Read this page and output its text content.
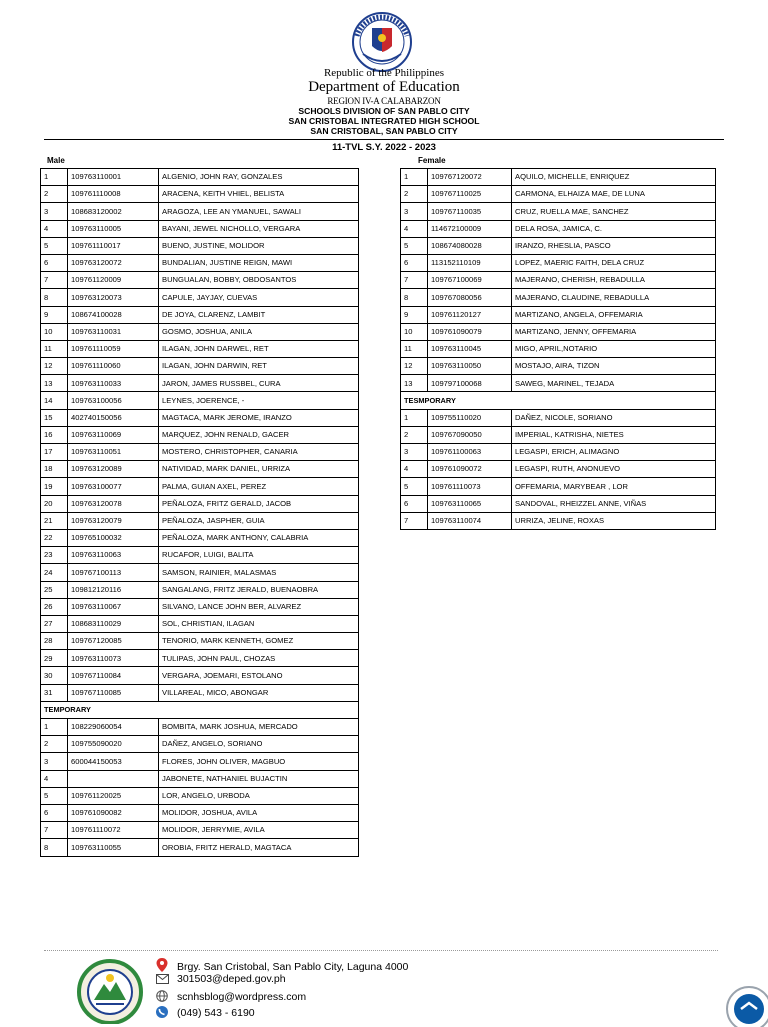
Republic of the Philippines
Department of Education
REGION IV-A CALABARZON
SCHOOLS DIVISION OF SAN PABLO CITY
SAN CRISTOBAL INTEGRATED HIGH SCHOOL
SAN CRISTOBAL, SAN PABLO CITY
11-TVL S.Y. 2022 - 2023
Male	Female
1	109763110001	ALGENIO, JOHN RAY, GONZALES
2	109761110008	ARACENA, KEITH VHIEL, BELISTA
3	108683120002	ARAGOZA, LEE AN YMANUEL, SAWALI
4	109763110005	BAYANI, JEWEL NICHOLLO, VERGARA
5	109761110017	BUENO, JUSTINE, MOLIDOR
6	109763120072	BUNDALIAN, JUSTINE REIGN, MAWI
7	109761120009	BUNGUALAN, BOBBY, OBDOSANTOS
8	109763120073	CAPULE, JAYJAY, CUEVAS
9	108674100028	DE JOYA, CLARENZ, LAMBIT
10	109763110031	GOSMO, JOSHUA, ANILA
11	109761110059	ILAGAN, JOHN DARWEL, RET
12	109761110060	ILAGAN, JOHN DARWIN, RET
13	109763110033	JARON, JAMES RUSSBEL, CURA
14	109763100056	LEYNES, JOERENCE, -
15	402740150056	MAGTACA, MARK JEROME, IRANZO
16	109763110069	MARQUEZ, JOHN RENALD, GACER
17	109763110051	MOSTERO, CHRISTOPHER, CANARIA
18	109763120089	NATIVIDAD, MARK DANIEL, URRIZA
19	109763100077	PALMA, GUIAN AXEL, PEREZ
20	109763120078	PEÑALOZA, FRITZ GERALD, JACOB
21	109763120079	PEÑALOZA, JASPHER, GUIA
22	109765100032	PEÑALOZA, MARK ANTHONY, CALABRIA
23	109763110063	RUCAFOR, LUIGI, BALITA
24	109767100113	SAMSON, RAINIER, MALASMAS
25	109812120116	SANGALANG, FRITZ JERALD, BUENAOBRA
26	109763110067	SILVANO, LANCE JOHN BER, ALVAREZ
27	108683110029	SOL, CHRISTIAN, ILAGAN
28	109767120085	TENORIO, MARK KENNETH, GOMEZ
29	109763110073	TULIPAS, JOHN PAUL, CHOZAS
30	109767110084	VERGARA, JOEMARI, ESTOLANO
31	109767110085	VILLAREAL, MICO, ABONGAR
TEMPORARY		
1	108229060054	BOMBITA, MARK JOSHUA, MERCADO
2	109755090020	DAÑEZ, ANGELO, SORIANO
3	600044150053	FLORES, JOHN OLIVER, MAGBUO
4		JABONETE, NATHANIEL BUJACTIN
5	109761120025	LOR, ANGELO, URBODA
6	109761090082	MOLIDOR, JOSHUA, AVILA
7	109761110072	MOLIDOR, JERRYMIE, AVILA
8	109763110055	OROBIA, FRITZ HERALD, MAGTACA
1	109767120072	AQUILO, MICHELLE, ENRIQUEZ
2	109767110025	CARMONA, ELHAIZA MAE, DE LUNA
3	109767110035	CRUZ, RUELLA MAE, SANCHEZ
4	114672100009	DELA ROSA, JAMICA, C.
5	108674080028	IRANZO, RHESLIA, PASCO
6	113152110109	LOPEZ, MAERIC FAITH, DELA CRUZ
7	109767100069	MAJERANO, CHERISH, REBADULLA
8	109767080056	MAJERANO, CLAUDINE, REBADULLA
9	109761120127	MARTIZANO, ANGELA, OFFEMARIA
10	109761090079	MARTIZANO, JENNY, OFFEMARIA
11	109763110045	MIGO, APRIL,NOTARIO
12	109763110050	MOSTAJO, AIRA, TIZON
13	109797100068	SAWEG, MARINEL, TEJADA
TESMPORARY		
1	109755110020	DAÑEZ, NICOLE, SORIANO
2	109767090050	IMPERIAL, KATRISHA, NIETES
3	109761100063	LEGASPI, ERICH, ALIMAGNO
4	109761090072	LEGASPI, RUTH, ANONUEVO
5	109761110073	OFFEMARIA, MARYBEAR , LOR
6	109763110065	SANDOVAL, RHEIZZEL ANNE, VIÑAS
7	109763110074	URRIZA, JELINE, ROXAS
Brgy. San Cristobal, San Pablo City, Laguna 4000
301503@deped.gov.ph
scnhsblog@wordpress.com
(049) 543 - 6190
